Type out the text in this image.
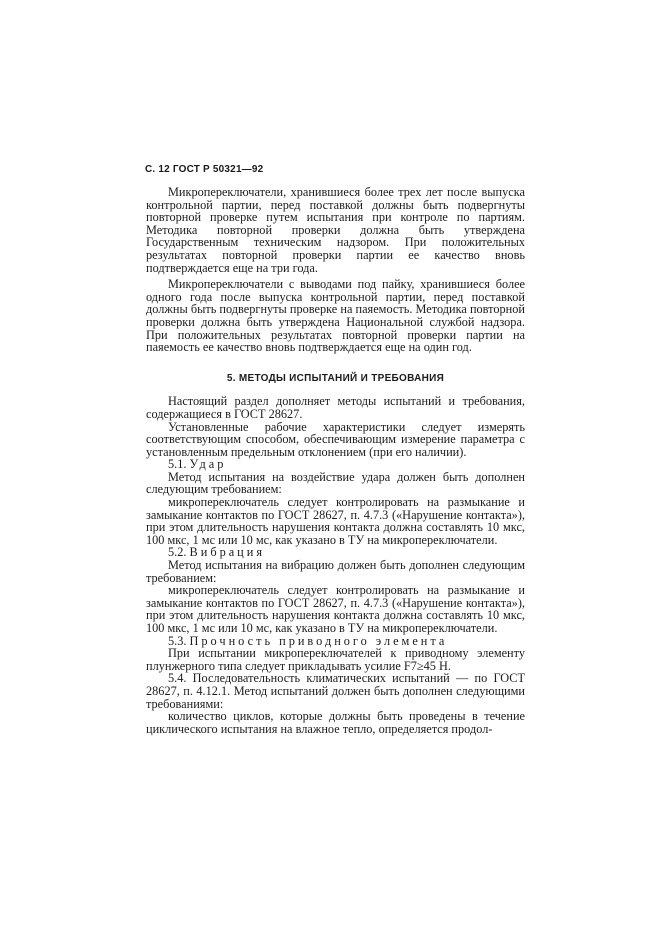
С. 12 ГОСТ Р 50321—92

Микропереключатели, хранившиеся более трех лет после выпуска контрольной партии, перед поставкой должны быть подвергнуты повторной проверке путем испытания при контроле по партиям. Методика повторной проверки должна быть утверждена Государственным техническим надзором. При положительных результатах повторной проверки партии ее качество вновь подтверждается еще на три года.

Микропереключатели с выводами под пайку, хранившиеся более одного года после выпуска контрольной партии, перед поставкой должны быть подвергнуты проверке на паяемость. Методика повторной проверки должна быть утверждена Национальной службой надзора. При положительных результатах повторной проверки партии на паяемость ее качество вновь подтверждается еще на один год.

5. МЕТОДЫ ИСПЫТАНИЙ И ТРЕБОВАНИЯ

Настоящий раздел дополняет методы испытаний и требования, содержащиеся в ГОСТ 28627.

Установленные рабочие характеристики следует измерять соответствующим способом, обеспечивающим измерение параметра с установленным предельным отклонением (при его наличии).

5.1. Удар

Метод испытания на воздействие удара должен быть дополнен следующим требованием:

микропереключатель следует контролировать на размыкание и замыкание контактов по ГОСТ 28627, п. 4.7.3 («Нарушение контакта»), при этом длительность нарушения контакта должна составлять 10 мкс, 100 мкс, 1 мс или 10 мс, как указано в ТУ на микропереключатели.

5.2. Вибрация

Метод испытания на вибрацию должен быть дополнен следующим требованием:

микропереключатель следует контролировать на размыкание и замыкание контактов по ГОСТ 28627, п. 4.7.3 («Нарушение контакта»), при этом длительность нарушения контакта должна составлять 10 мкс, 100 мкс, 1 мс или 10 мс, как указано в ТУ на микропереключатели.

5.3. Прочность приводного элемента

При испытании микропереключателей к приводному элементу плунжерного типа следует прикладывать усилие F7≥45 Н.

5.4. Последовательность климатических испытаний — по ГОСТ 28627, п. 4.12.1. Метод испытаний должен быть дополнен следующими требованиями:

количество циклов, которые должны быть проведены в течение циклического испытания на влажное тепло, определяется продол-
